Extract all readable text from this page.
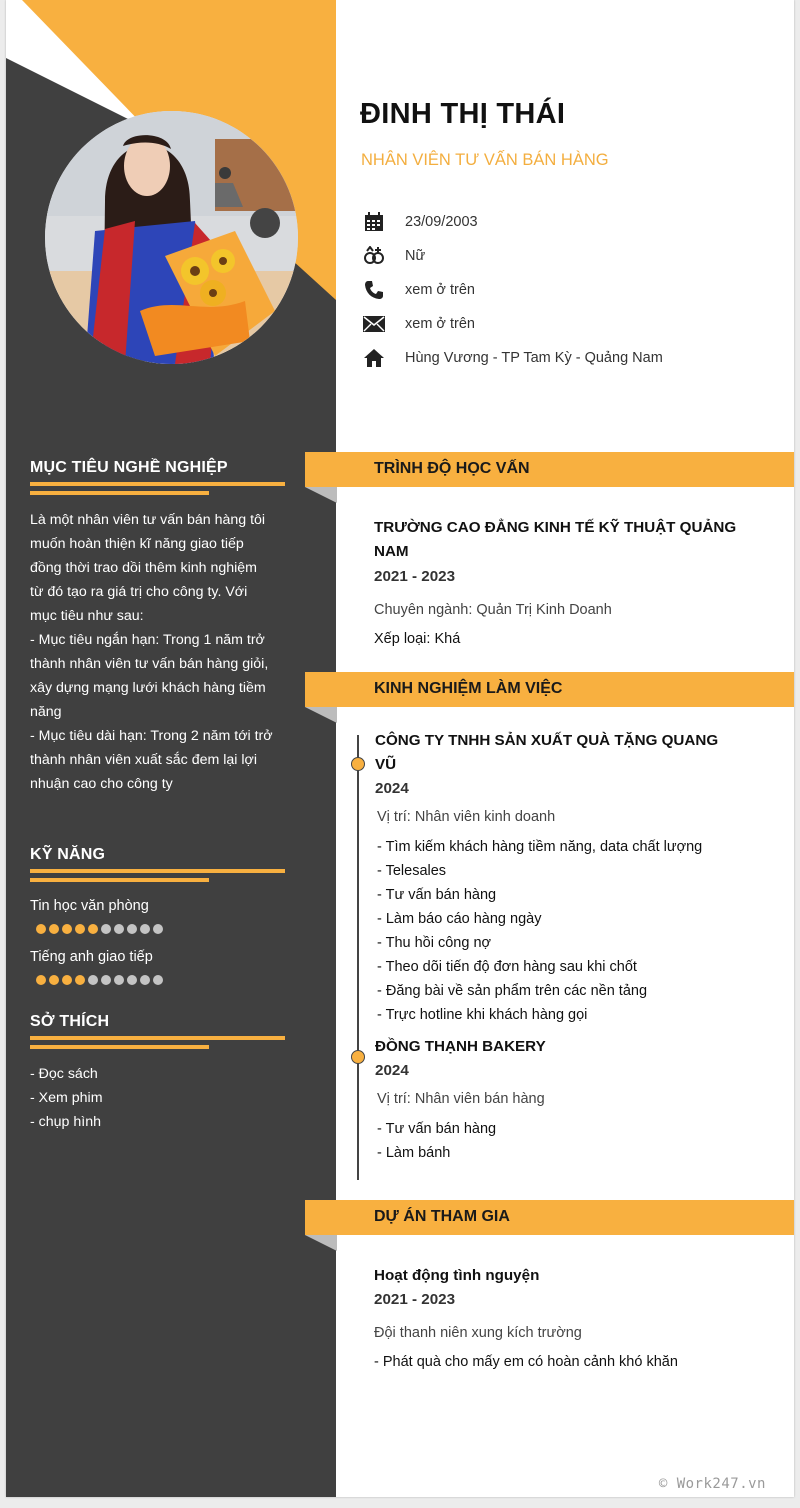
ĐINH THỊ THÁI
NHÂN VIÊN TƯ VẤN BÁN HÀNG
23/09/2003
Nữ
xem ở trên
xem ở trên
Hùng Vương - TP Tam Kỳ - Quảng Nam
MỤC TIÊU NGHỀ NGHIỆP
Là một nhân viên tư vấn bán hàng tôi
muốn hoàn thiện kĩ năng giao tiếp
đồng thời trao dồi thêm kinh nghiệm
từ đó tạo ra giá trị cho công ty. Với
mục tiêu như sau:
- Mục tiêu ngắn hạn: Trong 1 năm trở
thành nhân viên tư vấn bán hàng giỏi,
xây dựng mạng lưới khách hàng tiềm
năng
- Mục tiêu dài hạn: Trong 2 năm tới trở
thành nhân viên xuất sắc đem lại lợi
nhuận cao cho công ty
KỸ NĂNG
Tin học văn phòng
Tiếng anh giao tiếp
SỞ THÍCH
- Đọc sách
- Xem phim
- chụp hình
TRÌNH ĐỘ HỌC VẤN
TRƯỜNG CAO ĐẲNG KINH TẾ KỸ THUẬT QUẢNG
NAM
2021 - 2023
Chuyên ngành: Quản Trị Kinh Doanh
Xếp loại: Khá
KINH NGHIỆM LÀM VIỆC
CÔNG TY TNHH SẢN XUẤT QUÀ TẶNG QUANG
VŨ
2024
Vị trí: Nhân viên kinh doanh
- Tìm kiếm khách hàng tiềm năng, data chất lượng
- Telesales
- Tư vấn bán hàng
- Làm báo cáo hàng ngày
- Thu hồi công nợ
- Theo dõi tiến độ đơn hàng sau khi chốt
- Đăng bài về sản phẩm trên các nền tảng
- Trực hotline khi khách hàng gọi
ĐỒNG THẠNH BAKERY
2024
Vị trí: Nhân viên bán hàng
- Tư vấn bán hàng
- Làm bánh
DỰ ÁN THAM GIA
Hoạt động tình nguyện
2021 - 2023
Đội thanh niên xung kích trường
- Phát quà cho mấy em có hoàn cảnh khó khăn
© Work247.vn
